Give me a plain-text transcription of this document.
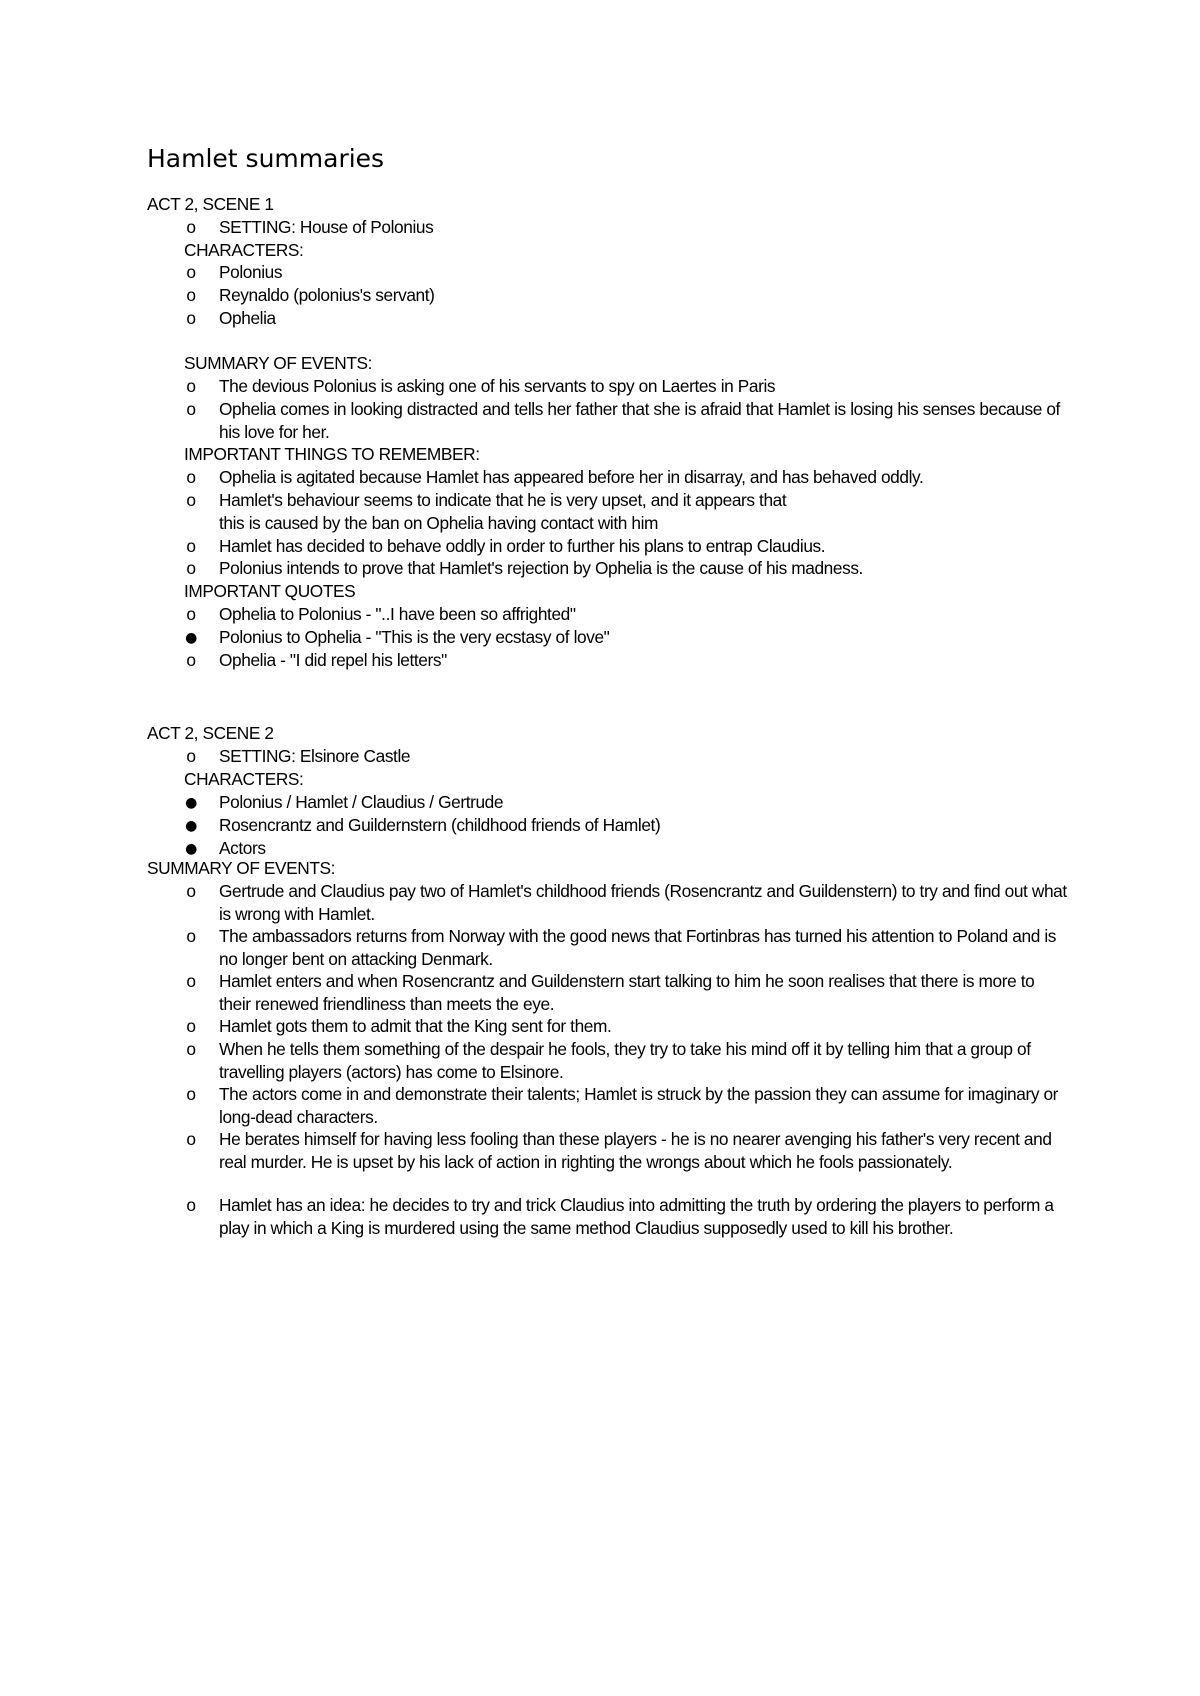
Hamlet summaries
ACT 2, SCENE 1
o SETTING: House of Polonius
CHARACTERS:
o Polonius
o Reynaldo (polonius's servant)
o Ophelia
SUMMARY OF EVENTS:
o The devious Polonius is asking one of his servants to spy on Laertes in Paris
o Ophelia comes in looking distracted and tells her father that she is afraid that Hamlet is losing his senses because of his love for her.
IMPORTANT THINGS TO REMEMBER:
o Ophelia is agitated because Hamlet has appeared before her in disarray, and has behaved oddly.
o Hamlet's behaviour seems to indicate that he is very upset, and it appears that
this is caused by the ban on Ophelia having contact with him
o Hamlet has decided to behave oddly in order to further his plans to entrap Claudius.
o Polonius intends to prove that Hamlet's rejection by Ophelia is the cause of his madness.
IMPORTANT QUOTES
o Ophelia to Polonius - "..I have been so affrighted"
● Polonius to Ophelia - "This is the very ecstasy of love"
o Ophelia - "I did repel his letters"
ACT 2, SCENE 2
o SETTING: Elsinore Castle
CHARACTERS:
● Polonius / Hamlet / Claudius / Gertrude
● Rosencrantz and Guildernstern (childhood friends of Hamlet)
● Actors
SUMMARY OF EVENTS:
o Gertrude and Claudius pay two of Hamlet's childhood friends (Rosencrantz and Guildenstern) to try and find out what is wrong with Hamlet.
o The ambassadors returns from Norway with the good news that Fortinbras has turned his attention to Poland and is no longer bent on attacking Denmark.
o Hamlet enters and when Rosencrantz and Guildenstern start talking to him he soon realises that there is more to their renewed friendliness than meets the eye.
o Hamlet gots them to admit that the King sent for them.
o When he tells them something of the despair he fools, they try to take his mind off it by telling him that a group of travelling players (actors) has come to Elsinore.
o The actors come in and demonstrate their talents; Hamlet is struck by the passion they can assume for imaginary or long-dead characters.
o He berates himself for having less fooling than these players - he is no nearer avenging his father's very recent and real murder. He is upset by his lack of action in righting the wrongs about which he fools passionately.
o Hamlet has an idea: he decides to try and trick Claudius into admitting the truth by ordering the players to perform a play in which a King is murdered using the same method Claudius supposedly used to kill his brother.
